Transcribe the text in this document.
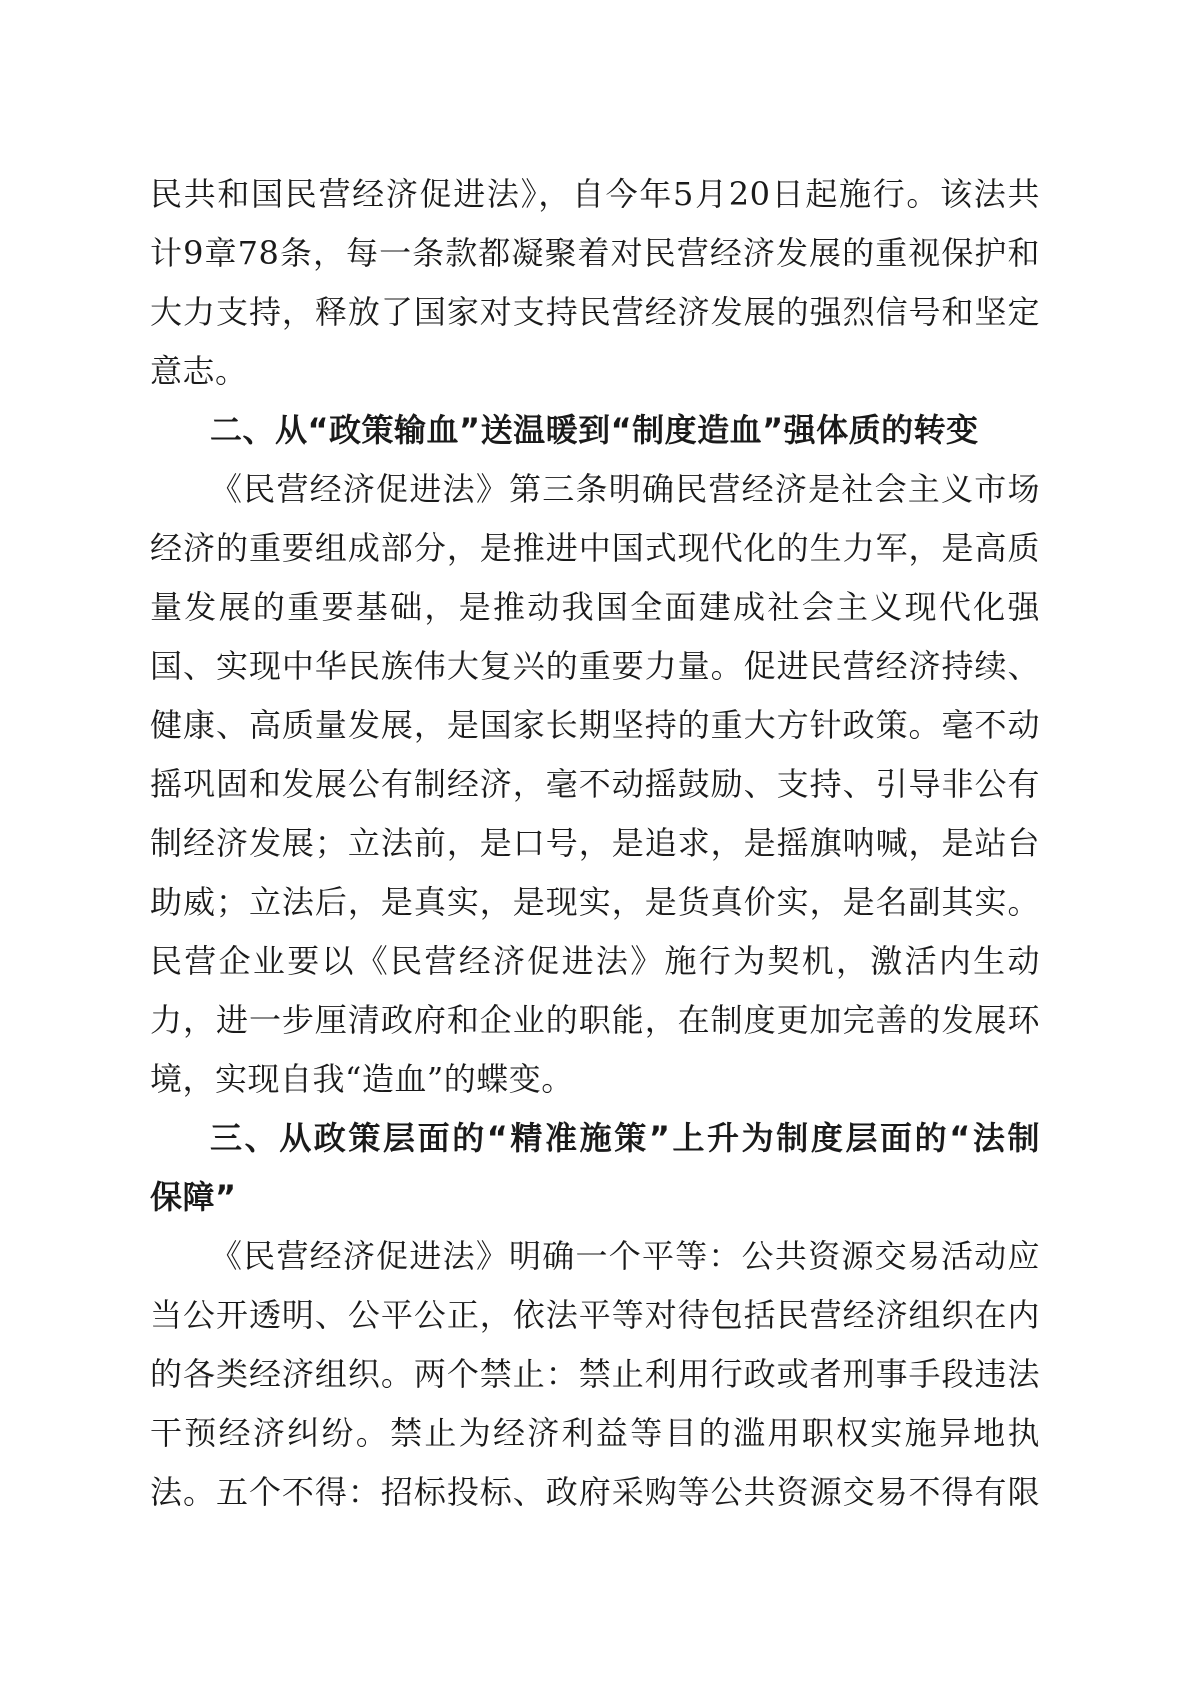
民共和国民营经济促进法》，自今年5月20日起施行。该法共
计9章78条，每一条款都凝聚着对民营经济发展的重视保护和
大力支持，释放了国家对支持民营经济发展的强烈信号和坚定
意志。
二、从“政策输血”送温暖到“制度造血”强体质的转变
《民营经济促进法》第三条明确民营经济是社会主义市场
经济的重要组成部分，是推进中国式现代化的生力军，是高质
量发展的重要基础，是推动我国全面建成社会主义现代化强
国、实现中华民族伟大复兴的重要力量。促进民营经济持续、
健康、高质量发展，是国家长期坚持的重大方针政策。毫不动
摇巩固和发展公有制经济，毫不动摇鼓励、支持、引导非公有
制经济发展；立法前，是口号，是追求，是摇旗呐喊，是站台
助威；立法后，是真实，是现实，是货真价实，是名副其实。
民营企业要以《民营经济促进法》施行为契机，激活内生动
力，进一步厘清政府和企业的职能，在制度更加完善的发展环
境，实现自我“造血”的蝶变。
三、从政策层面的“精准施策”上升为制度层面的“法制
保障”
《民营经济促进法》明确一个平等：公共资源交易活动应
当公开透明、公平公正，依法平等对待包括民营经济组织在内
的各类经济组织。两个禁止：禁止利用行政或者刑事手段违法
干预经济纠纷。禁止为经济利益等目的滥用职权实施异地执
法。五个不得：招标投标、政府采购等公共资源交易不得有限
